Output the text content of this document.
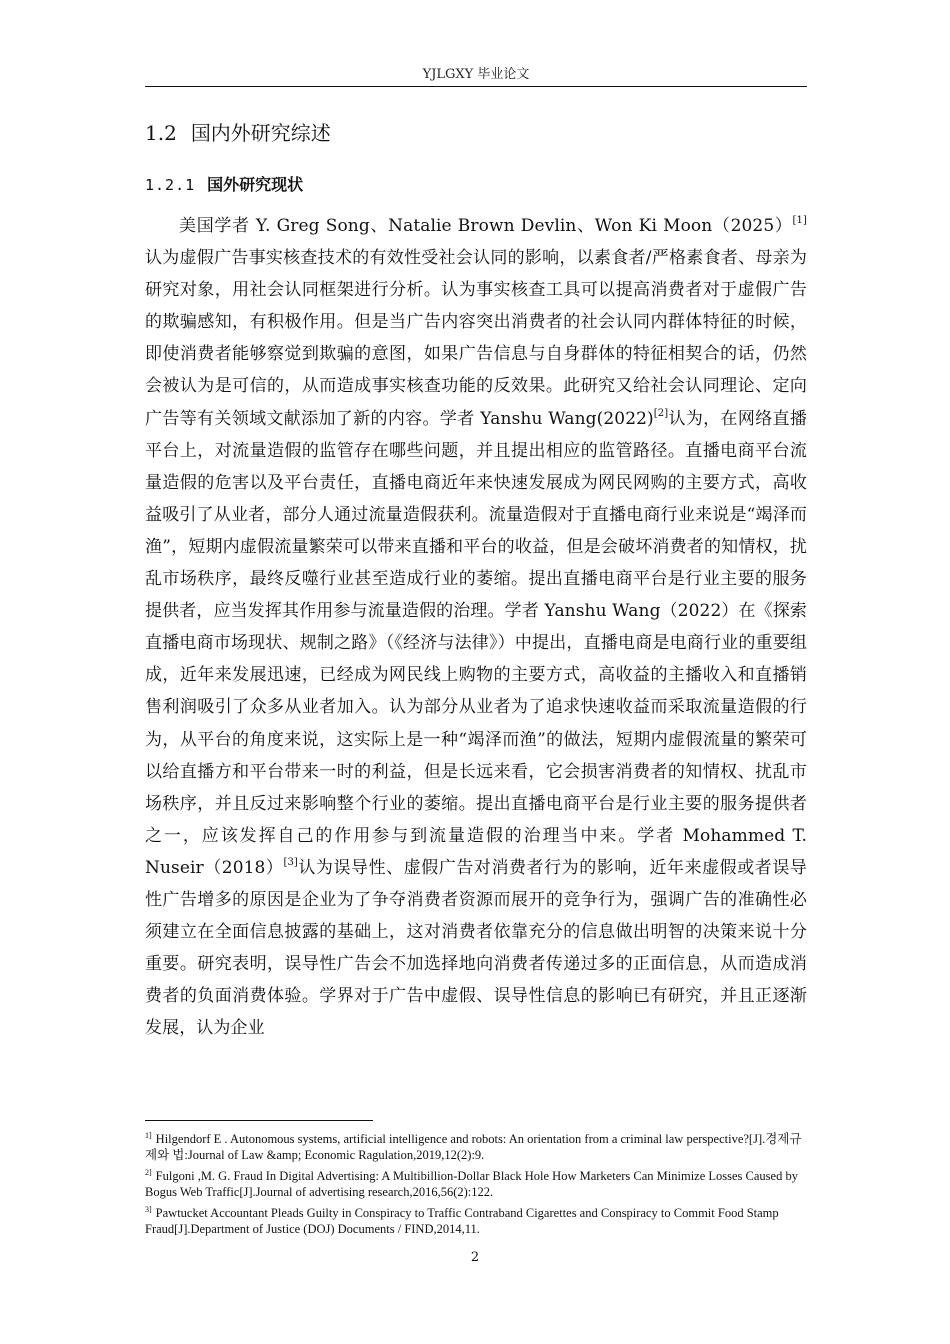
YJLGXY 毕业论文
1.2 国内外研究综述
1.2.1 国外研究现状

美国学者 Y. Greg Song、Natalie Brown Devlin、Won Ki Moon（2025）[1]认为虚假广告事实核查技术的有效性受社会认同的影响，以素食者/严格素食者、母亲为研究对象，用社会认同框架进行分析。认为事实核查工具可以提高消费者对于虚假广告的欺骗感知，有积极作用。但是当广告内容突出消费者的社会认同内群体特征的时候，即使消费者能够察觉到欺骗的意图，如果广告信息与自身群体的特征相契合的话，仍然会被认为是可信的，从而造成事实核查功能的反效果。此研究又给社会认同理论、定向广告等有关领域文献添加了新的内容。学者 Yanshu Wang(2022)[2]认为，在网络直播平台上，对流量造假的监管存在哪些问题，并且提出相应的监管路径。直播电商平台流量造假的危害以及平台责任，直播电商近年来快速发展成为网民网购的主要方式，高收益吸引了从业者，部分人通过流量造假获利。流量造假对于直播电商行业来说是“竭泽而渔”，短期内虚假流量繁荣可以带来直播和平台的收益，但是会破坏消费者的知情权，扰乱市场秩序，最终反噬行业甚至造成行业的萎缩。提出直播电商平台是行业主要的服务提供者，应当发挥其作用参与流量造假的治理。学者 Yanshu Wang（2022）在《探索直播电商市场现状、规制之路》（《经济与法律》）中提出，直播电商是电商行业的重要组成，近年来发展迅速，已经成为网民线上购物的主要方式，高收益的主播收入和直播销售利润吸引了众多从业者加入。认为部分从业者为了追求快速收益而采取流量造假的行为，从平台的角度来说，这实际上是一种“竭泽而渔”的做法，短期内虚假流量的繁荣可以给直播方和平台带来一时的利益，但是长远来看，它会损害消费者的知情权、扰乱市场秩序，并且反过来影响整个行业的萎缩。提出直播电商平台是行业主要的服务提供者之一，应该发挥自己的作用参与到流量造假的治理当中来。学者 Mohammed T. Nuseir（2018）[3]认为误导性、虚假广告对消费者行为的影响，近年来虚假或者误导性广告增多的原因是企业为了争夺消费者资源而展开的竞争行为，强调广告的准确性必须建立在全面信息披露的基础上，这对消费者依靠充分的信息做出明智的决策来说十分重要。研究表明，误导性广告会不加选择地向消费者传递过多的正面信息，从而造成消费者的负面消费体验。学界对于广告中虚假、误导性信息的影响已有研究，并且正逐渐发展，认为企业

$^{1]}$ Hilgendorf E . Autonomous systems, artificial intelligence and robots: An orientation from a criminal law perspective?[J].경제규제와 법:Journal of Law &amp; Economic Ragulation,2019,12(2):9.

$^{2]}$ Fulgoni ,M. G. Fraud In Digital Advertising: A Multibillion-Dollar Black Hole How Marketers Can Minimize Losses Caused by Bogus Web Traffic[J].Journal of advertising research,2016,56(2):122.

$^{3]}$ Pawtucket Accountant Pleads Guilty in Conspiracy to Traffic Contraband Cigarettes and Conspiracy to Commit Food Stamp Fraud[J].Department of Justice (DOJ) Documents / FIND,2014,11.

2
